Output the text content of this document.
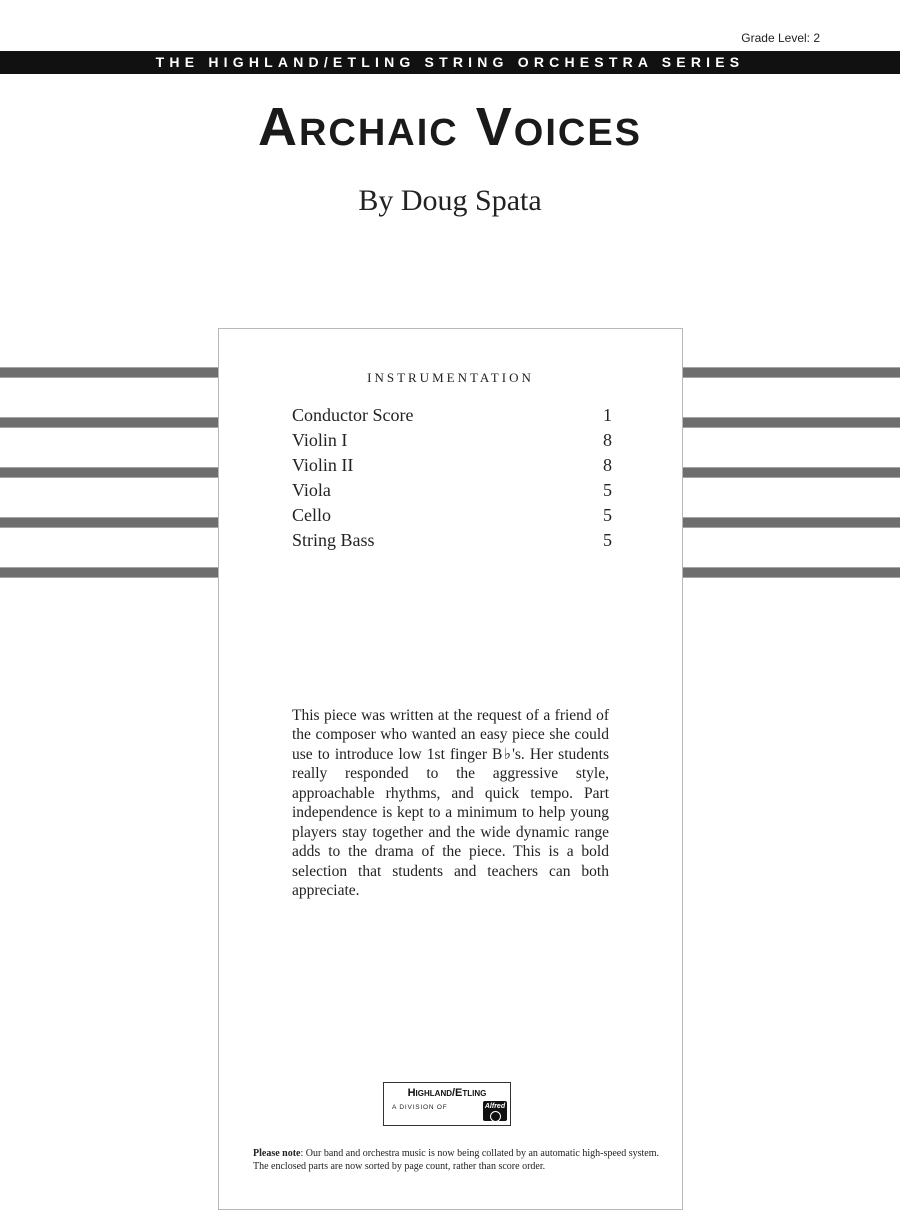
Grade Level: 2
THE HIGHLAND/ETLING STRING ORCHESTRA SERIES
Archaic Voices
By Doug Spata
INSTRUMENTATION
Conductor Score	1
Violin I	8
Violin II	8
Viola	5
Cello	5
String Bass	5

This piece was written at the request of a friend of the composer who wanted an easy piece she could use to introduce low 1st finger B♭'s. Her students really responded to the aggressive style, approachable rhythms, and quick tempo. Part independence is kept to a minimum to help young players stay together and the wide dynamic range adds to the drama of the piece. This is a bold selection that students and teachers can both appreciate.

Highland/Etling
A DIVISION OF	Alfred
Please note: Our band and orchestra music is now being collated by an automatic high-speed system. The enclosed parts are now sorted by page count, rather than score order.
